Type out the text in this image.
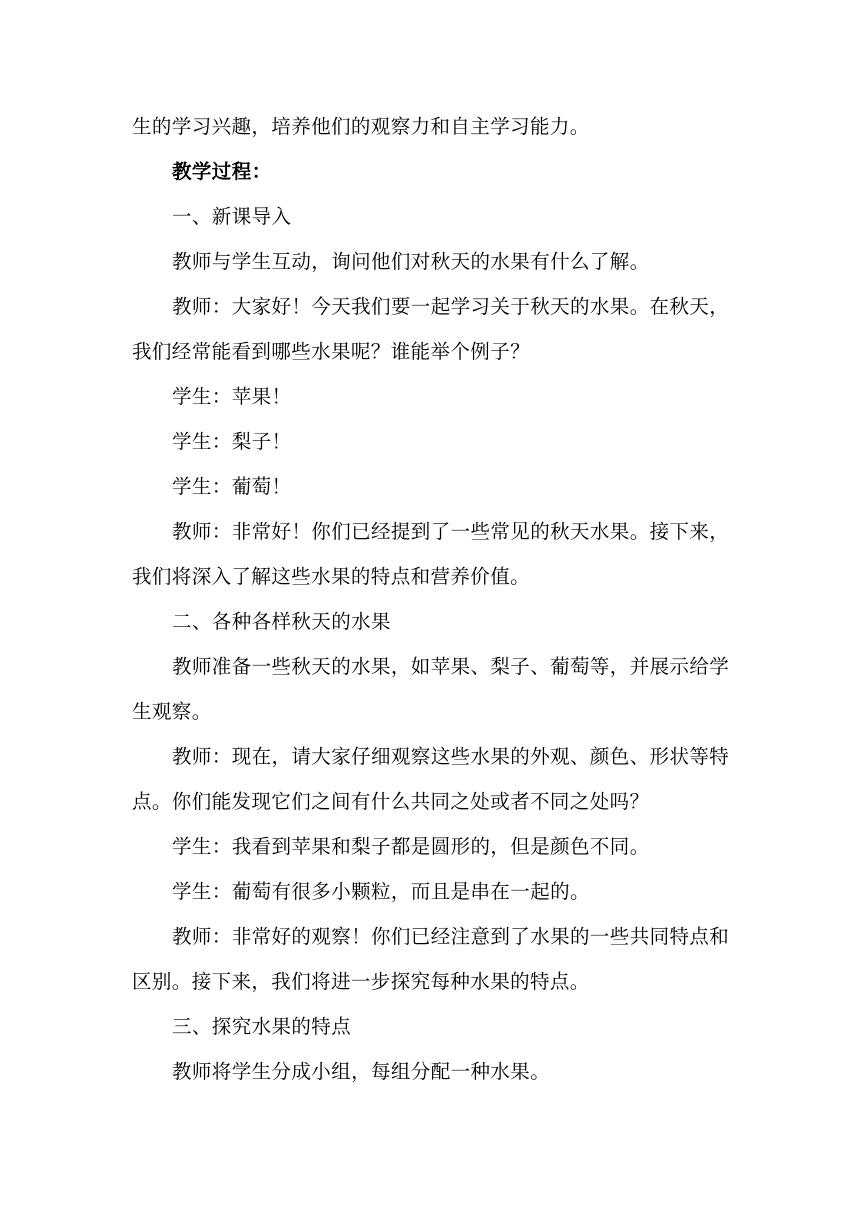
生的学习兴趣，培养他们的观察力和自主学习能力。

教学过程：

一、新课导入

教师与学生互动，询问他们对秋天的水果有什么了解。

教师：大家好！今天我们要一起学习关于秋天的水果。在秋天，
我们经常能看到哪些水果呢？谁能举个例子？

学生：苹果！

学生：梨子！

学生：葡萄！

教师：非常好！你们已经提到了一些常见的秋天水果。接下来，
我们将深入了解这些水果的特点和营养价值。

二、各种各样秋天的水果

教师准备一些秋天的水果，如苹果、梨子、葡萄等，并展示给学
生观察。

教师：现在，请大家仔细观察这些水果的外观、颜色、形状等特
点。你们能发现它们之间有什么共同之处或者不同之处吗？

学生：我看到苹果和梨子都是圆形的，但是颜色不同。

学生：葡萄有很多小颗粒，而且是串在一起的。

教师：非常好的观察！你们已经注意到了水果的一些共同特点和
区别。接下来，我们将进一步探究每种水果的特点。

三、探究水果的特点

教师将学生分成小组，每组分配一种水果。
